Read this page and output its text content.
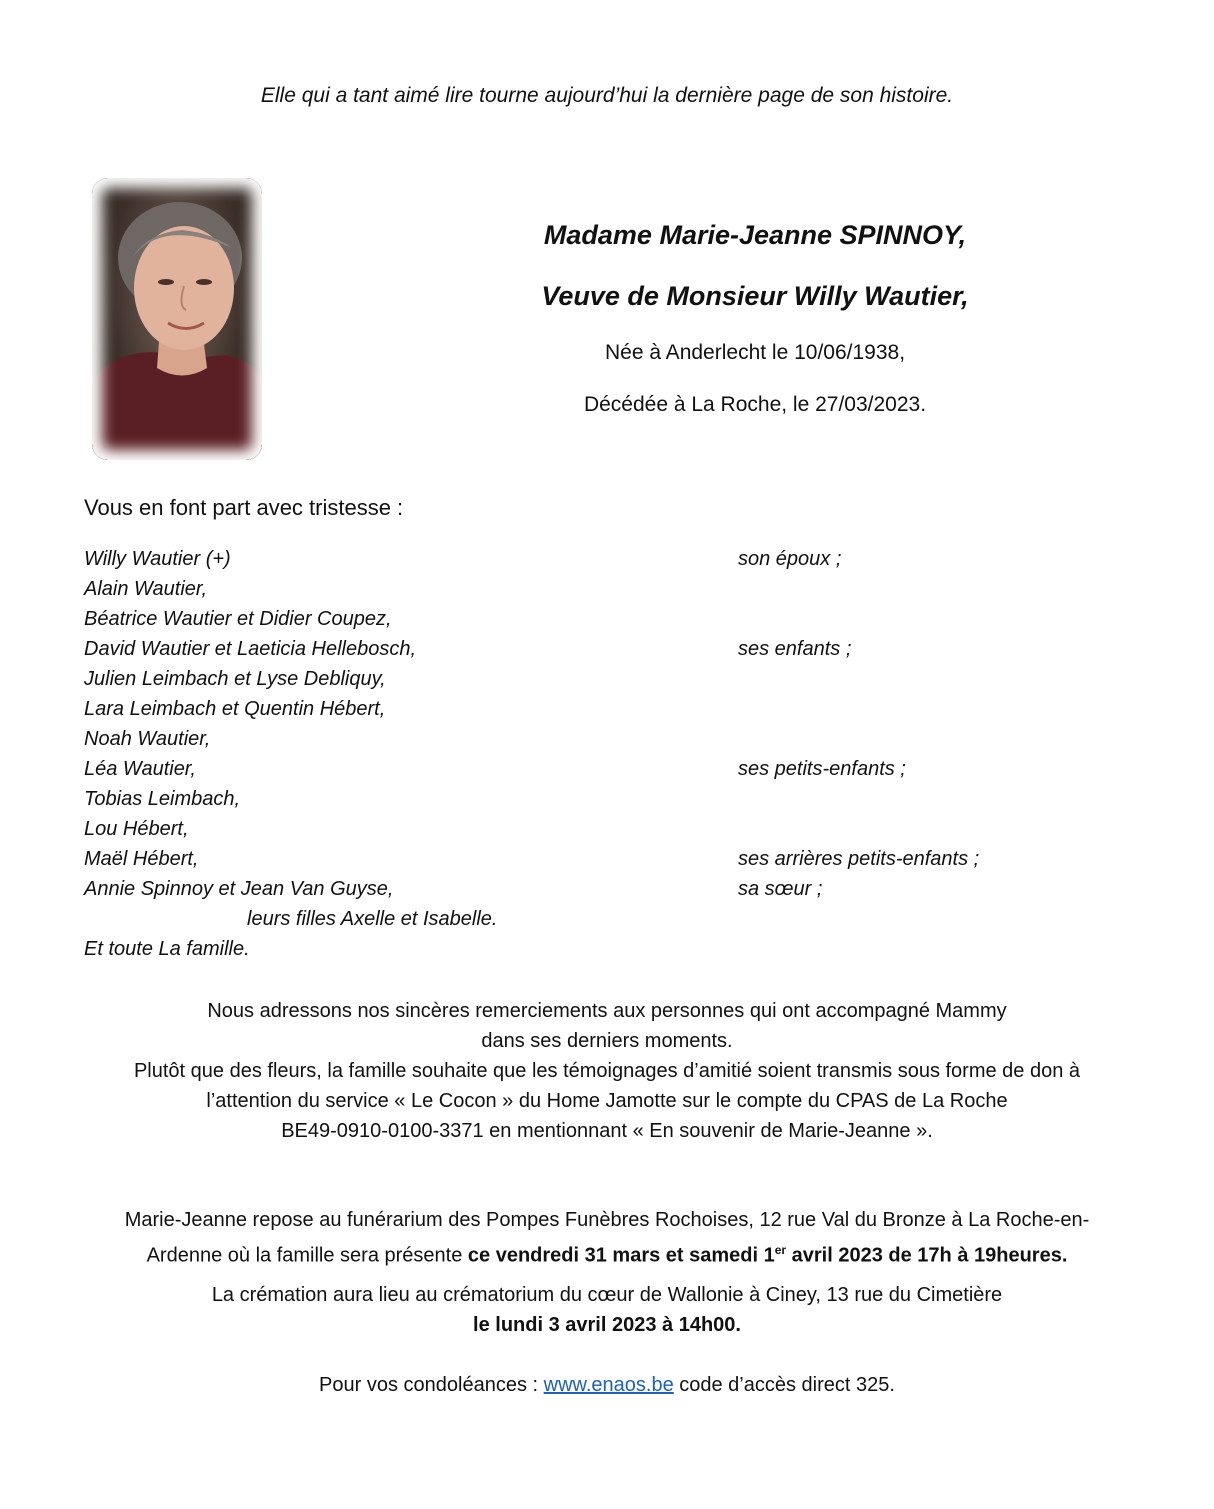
Elle qui a tant aimé lire tourne aujourd’hui la dernière page de son histoire.
Madame Marie-Jeanne SPINNOY,
Veuve de Monsieur Willy Wautier,
Née à Anderlecht le 10/06/1938,
Décédée à La Roche, le 27/03/2023.
Vous en font part avec tristesse :
Willy Wautier (+)
Alain Wautier,
Béatrice Wautier et Didier Coupez,
David Wautier et Laeticia Hellebosch,
Julien Leimbach et Lyse Debliquy,
Lara Leimbach et Quentin Hébert,
Noah Wautier,
Léa Wautier,
Tobias Leimbach,
Lou Hébert,
Maël Hébert,
Annie Spinnoy et Jean Van Guyse,
leurs filles Axelle et Isabelle.
Et toute La famille.
son époux ;
ses enfants ;
ses petits-enfants ;
ses arrières petits-enfants ;
sa sœur ;
Nous adressons nos sincères remerciements aux personnes qui ont accompagné Mammy
dans ses derniers moments.
Plutôt que des fleurs, la famille souhaite que les témoignages d’amitié soient transmis sous forme de don à
l’attention du service « Le Cocon » du Home Jamotte sur le compte du CPAS de La Roche
BE49-0910-0100-3371 en mentionnant « En souvenir de Marie-Jeanne ».
Marie-Jeanne repose au funérarium des Pompes Funèbres Rochoises, 12 rue Val du Bronze à La Roche-en-
Ardenne où la famille sera présente ce vendredi 31 mars et samedi 1er avril 2023 de 17h à 19heures.
La crémation aura lieu au crématorium du cœur de Wallonie à Ciney, 13 rue du Cimetière
le lundi 3 avril 2023 à 14h00.
Pour vos condoléances : www.enaos.be code d’accès direct 325.
